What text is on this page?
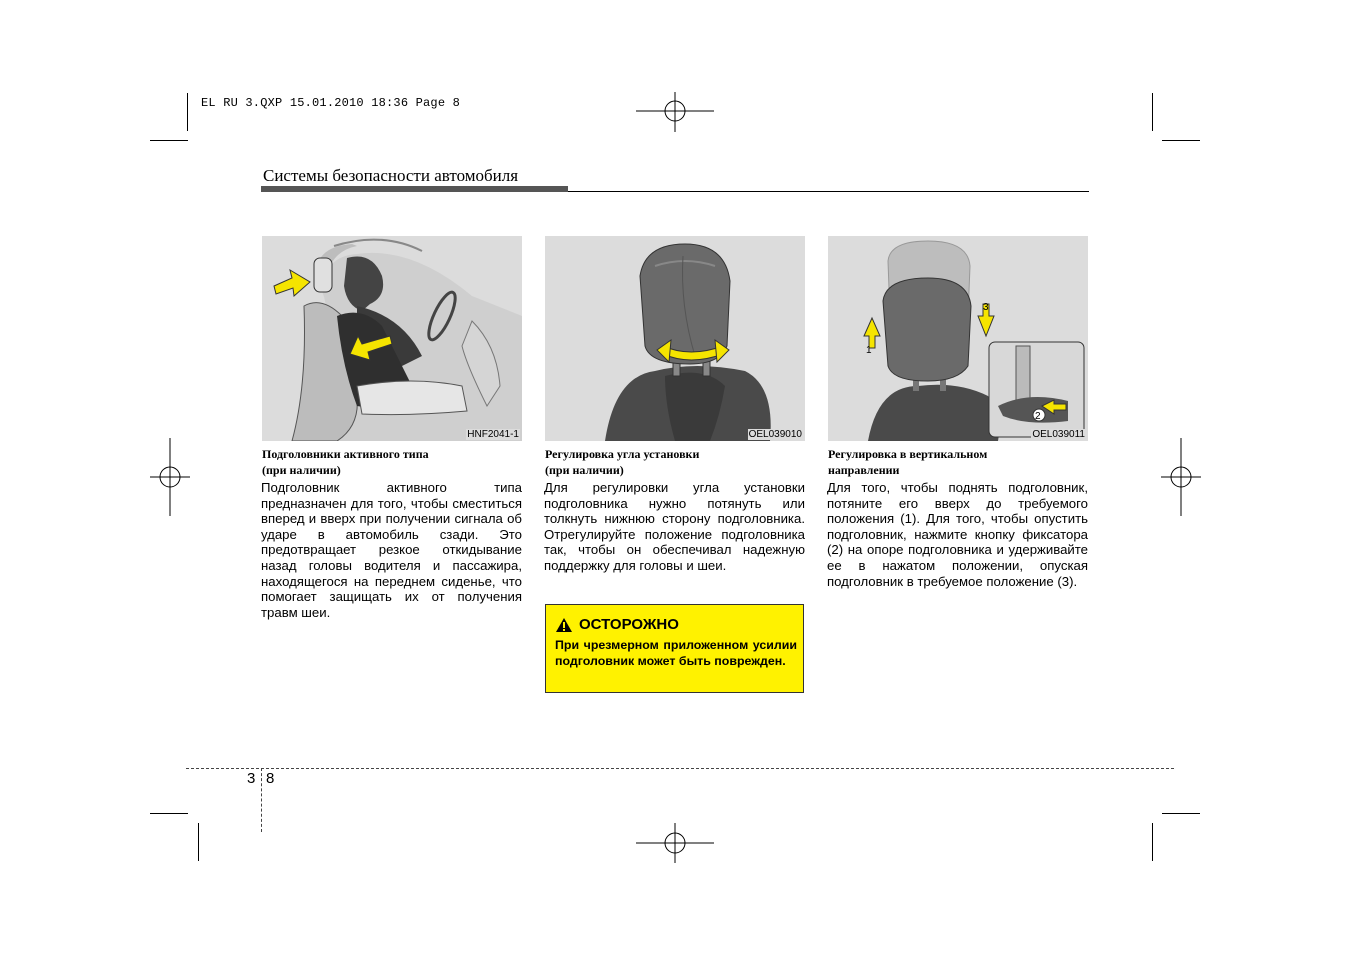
EL RU 3.QXP 15.01.2010 18:36 Page 8
Системы безопасности автомобиля
HNF2041-1	OEL039010
1
3
2
OEL039011
Подголовники активного типа
(при наличии)
Регулировка угла установки
(при наличии)
Регулировка в вертикальном
направлении
Подголовник активного типа предназначен для того, чтобы сместиться вперед и вверх при получении сигнала об ударе в автомобиль сзади. Это предотвращает резкое откидывание назад головы водителя и пассажира, находящегося на переднем сиденье, что помогает защищать их от получения травм шеи.
Для регулировки угла установки подголовника нужно потянуть или толкнуть нижнюю сторону подголовника. Отрегулируйте положение подголовника так, чтобы он обеспечивал надежную поддержку для головы и шеи.
Для того, чтобы поднять подголовник, потяните его вверх до требуемого положения (1). Для того, чтобы опустить подголовник, нажмите кнопку фиксатора (2) на опоре подголовника и удерживайте ее в нажатом положении, опуская подголовник в требуемое положение (3).
ОСТОРОЖНО
При чрезмерном приложенном усилии подголовник может быть поврежден.
3 8
